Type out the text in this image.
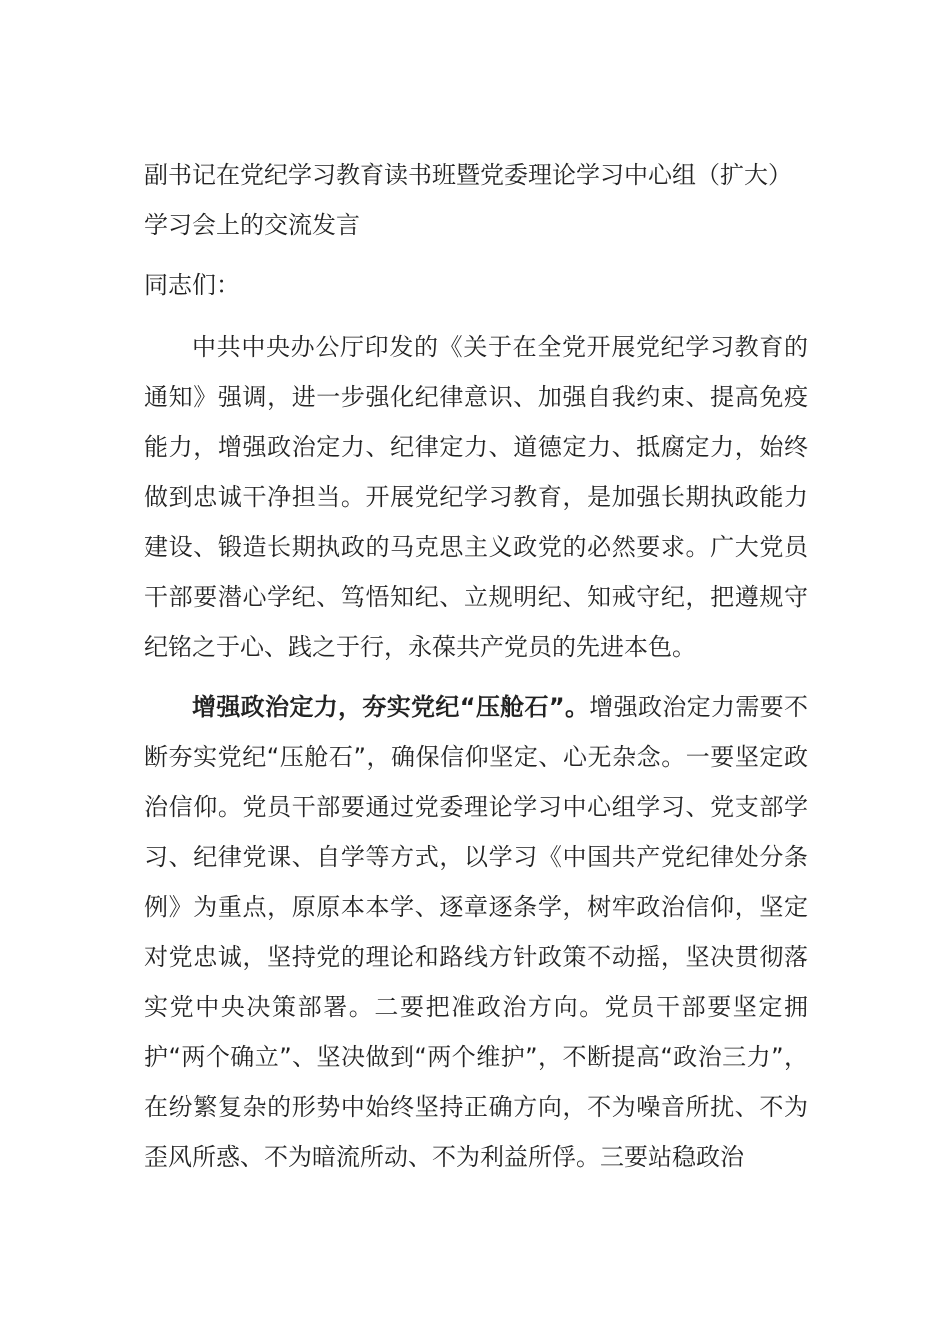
副书记在党纪学习教育读书班暨党委理论学习中心组（扩大）
学习会上的交流发言
同志们：

中共中央办公厅印发的《关于在全党开展党纪学习教育的通知》强调，进一步强化纪律意识、加强自我约束、提高免疫能力，增强政治定力、纪律定力、道德定力、抵腐定力，始终做到忠诚干净担当。开展党纪学习教育，是加强长期执政能力建设、锻造长期执政的马克思主义政党的必然要求。广大党员干部要潜心学纪、笃悟知纪、立规明纪、知戒守纪，把遵规守纪铭之于心、践之于行，永葆共产党员的先进本色。

增强政治定力，夯实党纪“压舱石”。增强政治定力需要不断夯实党纪“压舱石”，确保信仰坚定、心无杂念。一要坚定政治信仰。党员干部要通过党委理论学习中心组学习、党支部学习、纪律党课、自学等方式，以学习《中国共产党纪律处分条例》为重点，原原本本学、逐章逐条学，树牢政治信仰，坚定对党忠诚，坚持党的理论和路线方针政策不动摇，坚决贯彻落实党中央决策部署。二要把准政治方向。党员干部要坚定拥护“两个确立”、坚决做到“两个维护”，不断提高“政治三力”，在纷繁复杂的形势中始终坚持正确方向，不为噪音所扰、不为歪风所惑、不为暗流所动、不为利益所俘。三要站稳政治
